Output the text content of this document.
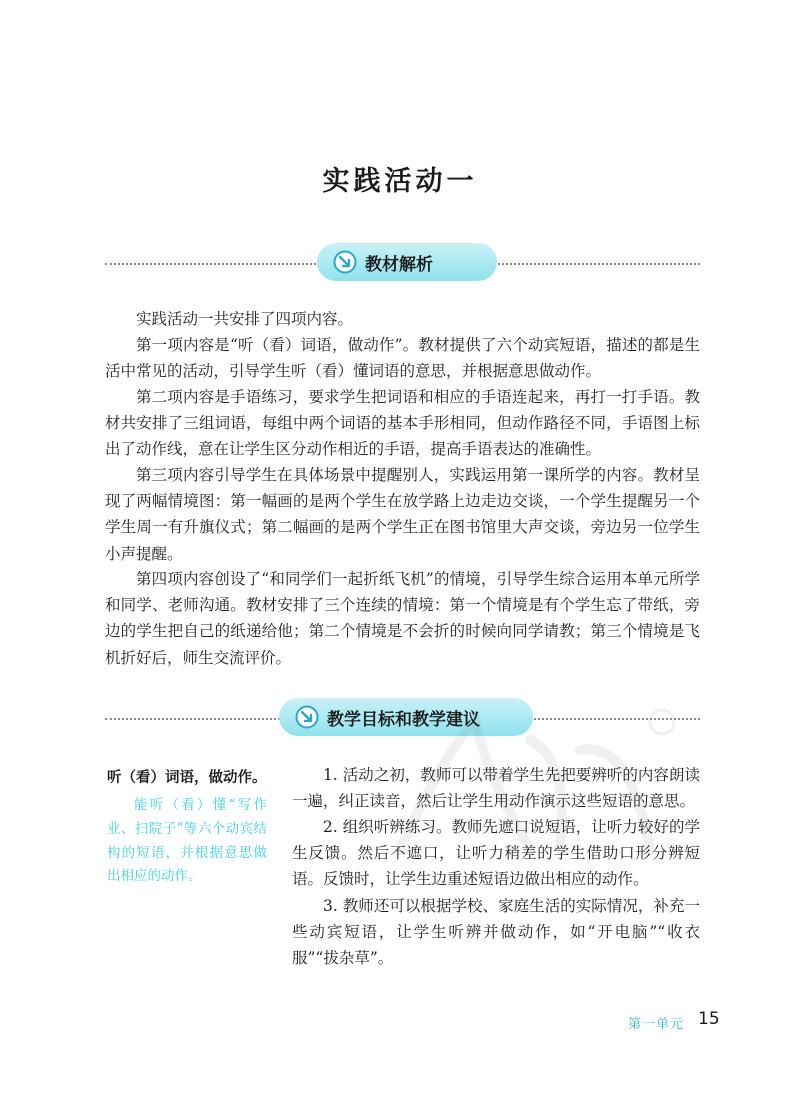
实践活动一
教材解析

实践活动一共安排了四项内容。

第一项内容是“听（看）词语，做动作”。教材提供了六个动宾短语，描述的都是生活中常见的活动，引导学生听（看）懂词语的意思，并根据意思做动作。

第二项内容是手语练习，要求学生把词语和相应的手语连起来，再打一打手语。教材共安排了三组词语，每组中两个词语的基本手形相同，但动作路径不同，手语图上标出了动作线，意在让学生区分动作相近的手语，提高手语表达的准确性。

第三项内容引导学生在具体场景中提醒别人，实践运用第一课所学的内容。教材呈现了两幅情境图：第一幅画的是两个学生在放学路上边走边交谈，一个学生提醒另一个学生周一有升旗仪式；第二幅画的是两个学生正在图书馆里大声交谈，旁边另一位学生小声提醒。

第四项内容创设了“和同学们一起折纸飞机”的情境，引导学生综合运用本单元所学和同学、老师沟通。教材安排了三个连续的情境：第一个情境是有个学生忘了带纸，旁边的学生把自己的纸递给他；第二个情境是不会折的时候向同学请教；第三个情境是飞机折好后，师生交流评价。

教学目标和教学建议
听（看）词语，做动作。

能听（看）懂“写作业、扫院子”等六个动宾结构的短语，并根据意思做出相应的动作。

1. 活动之初，教师可以带着学生先把要辨听的内容朗读一遍，纠正读音，然后让学生用动作演示这些短语的意思。

2. 组织听辨练习。教师先遮口说短语，让听力较好的学生反馈。然后不遮口，让听力稍差的学生借助口形分辨短语。反馈时，让学生边重述短语边做出相应的动作。

3. 教师还可以根据学校、家庭生活的实际情况，补充一些动宾短语，让学生听辨并做动作，如“开电脑”“收衣服”“拔杂草”。

第一单元 15
